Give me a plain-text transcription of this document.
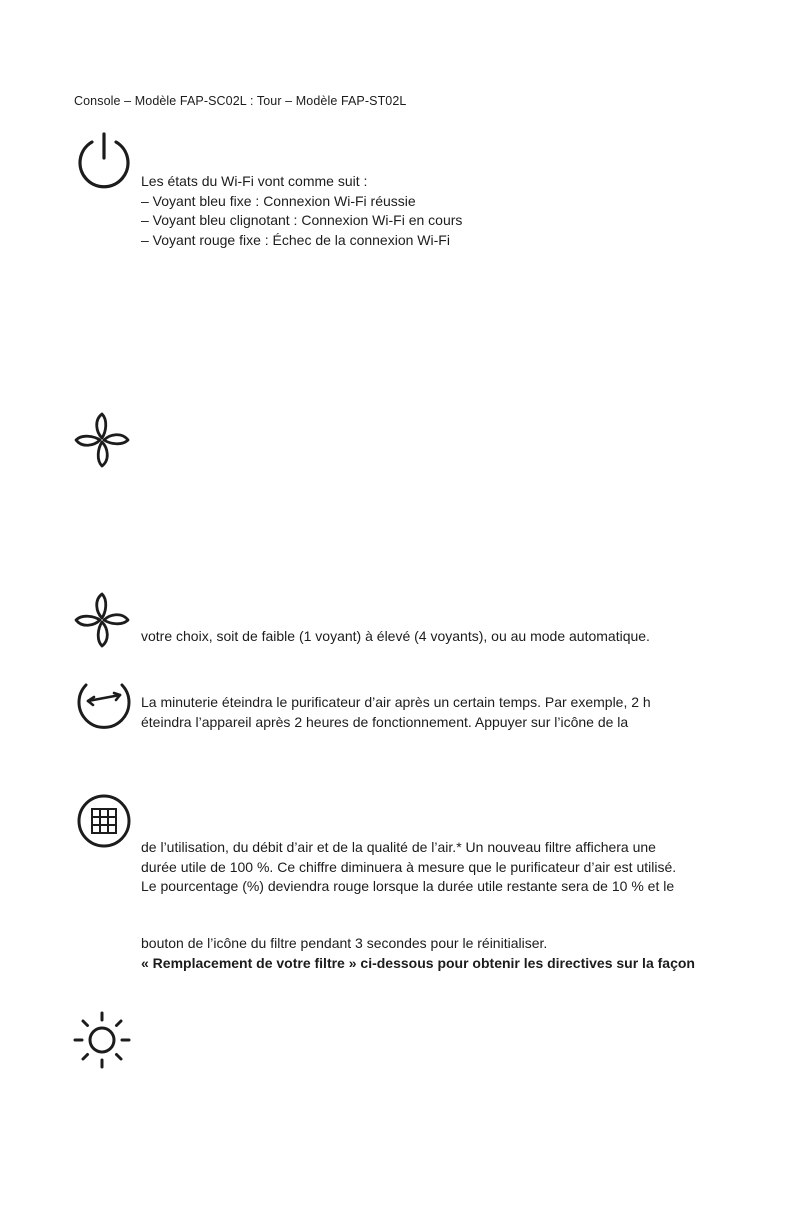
Console – Modèle FAP-SC02L : Tour – Modèle FAP-ST02L
Les états du Wi-Fi vont comme suit :
– Voyant bleu fixe : Connexion Wi-Fi réussie
– Voyant bleu clignotant : Connexion Wi-Fi en cours
– Voyant rouge fixe : Échec de la connexion Wi-Fi
votre choix, soit de faible (1 voyant) à élevé (4 voyants), ou au mode automatique.
La minuterie éteindra le purificateur d’air après un certain temps. Par exemple, 2 h
éteindra l’appareil après 2 heures de fonctionnement. Appuyer sur l’icône de la
de l’utilisation, du débit d’air et de la qualité de l’air.* Un nouveau filtre affichera une
durée utile de 100 %. Ce chiffre diminuera à mesure que le purificateur d’air est utilisé.
Le pourcentage (%) deviendra rouge lorsque la durée utile restante sera de 10 % et le
bouton de l’icône du filtre pendant 3 secondes pour le réinitialiser.
« Remplacement de votre filtre » ci-dessous pour obtenir les directives sur la façon
